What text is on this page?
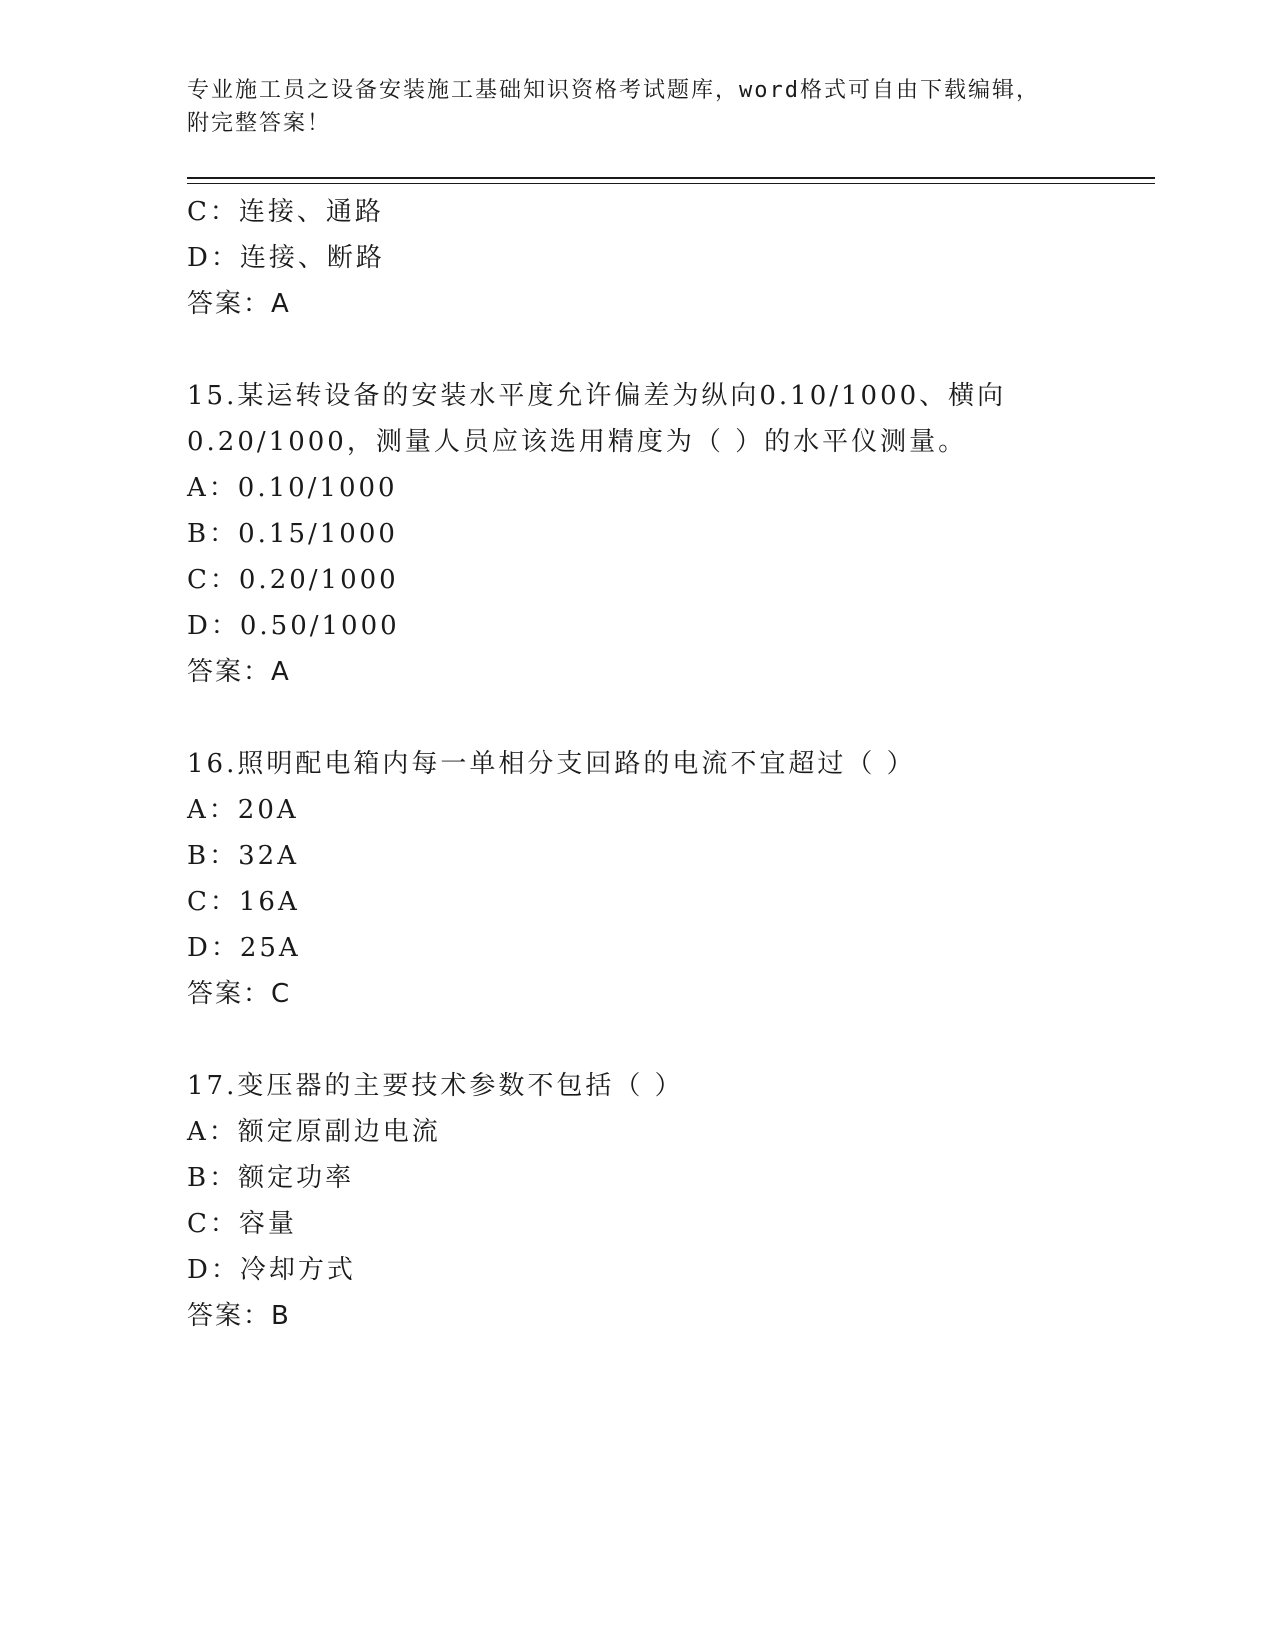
专业施工员之设备安装施工基础知识资格考试题库，word格式可自由下载编辑，
附完整答案！
C：连接、通路
D：连接、断路
答案：A
15.某运转设备的安装水平度允许偏差为纵向0.10/1000、横向
0.20/1000，测量人员应该选用精度为（ ）的水平仪测量。
A：0.10/1000
B：0.15/1000
C：0.20/1000
D：0.50/1000
答案：A
16.照明配电箱内每一单相分支回路的电流不宜超过（ ）
A：20A
B：32A
C：16A
D：25A
答案：C
17.变压器的主要技术参数不包括（ ）
A：额定原副边电流
B：额定功率
C：容量
D：冷却方式
答案：B
